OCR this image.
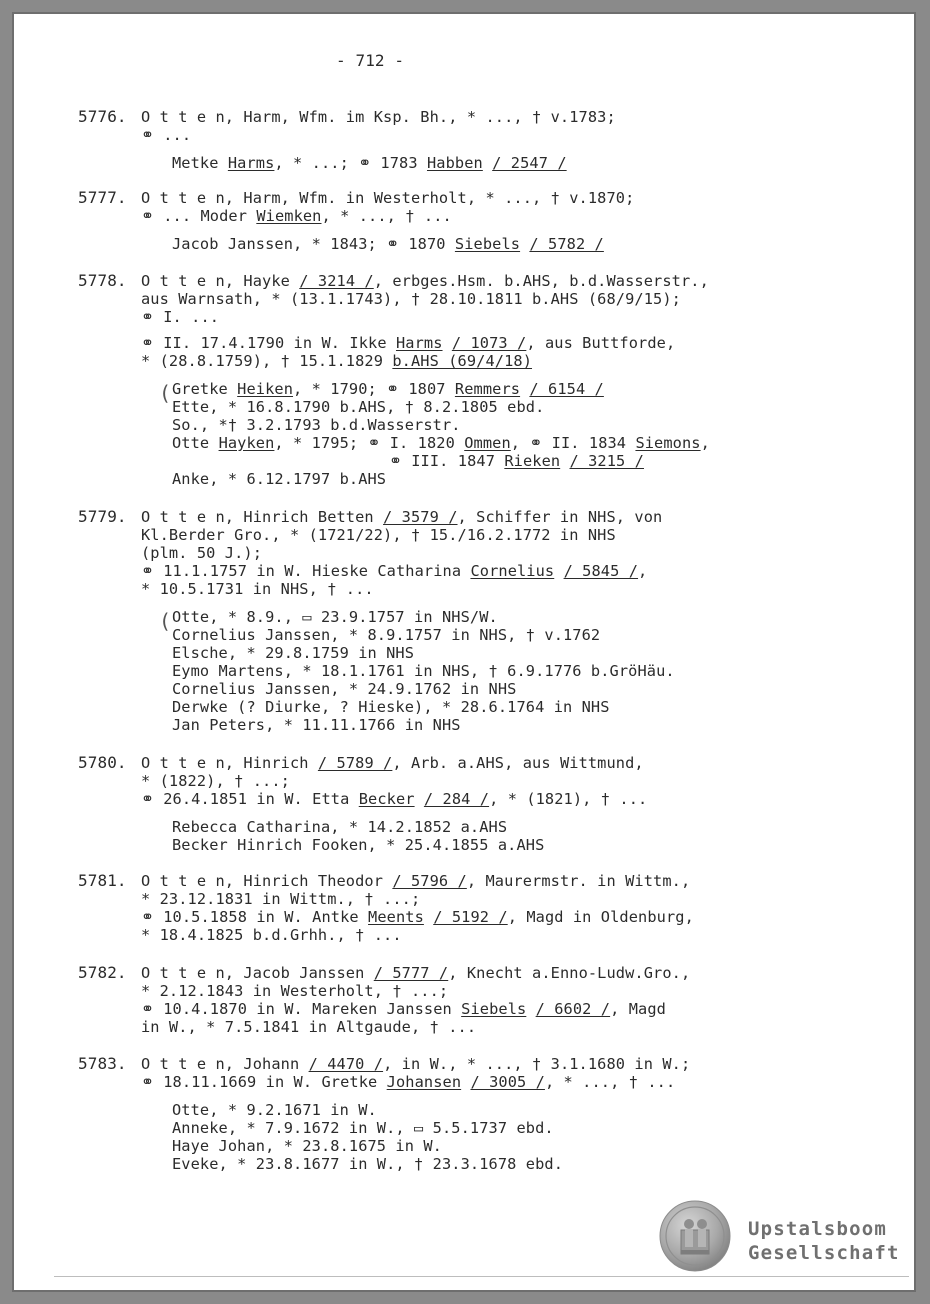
- 712 -
5776. O t t e n, Harm, Wfm. im Ksp. Bh., * ..., † v.1783;
⚭ ...
Metke Harms, * ...; ⚭ 1783 Habben / 2547 /
5777. O t t e n, Harm, Wfm. in Westerholt, * ..., † v.1870;
⚭ ... Moder Wiemken, * ..., † ...
Jacob Janssen, * 1843; ⚭ 1870 Siebels / 5782 /
5778. O t t e n, Hayke / 3214 /, erbges.Hsm. b.AHS, b.d.Wasserstr.,
aus Warnsath, * (13.1.1743), † 28.10.1811 b.AHS (68/9/15);
⚭ I. ...
⚭ II. 17.4.1790 in W. Ikke Harms / 1073 /, aus Buttforde,
* (28.8.1759), † 15.1.1829 b.AHS (69/4/18)
( Gretke Heiken, * 1790; ⚭ 1807 Remmers / 6154 /
Ette, * 16.8.1790 b.AHS, † 8.2.1805 ebd.
So., *† 3.2.1793 b.d.Wasserstr.
Otte Hayken, * 1795; ⚭ I. 1820 Ommen, ⚭ II. 1834 Siemons,
⚭ III. 1847 Rieken / 3215 /
Anke, * 6.12.1797 b.AHS
5779. O t t e n, Hinrich Betten / 3579 /, Schiffer in NHS, von
Kl.Berder Gro., * (1721/22), † 15./16.2.1772 in NHS
(plm. 50 J.);
⚭ 11.1.1757 in W. Hieske Catharina Cornelius / 5845 /,
* 10.5.1731 in NHS, † ...
( Otte, * 8.9., ▭ 23.9.1757 in NHS/W.
Cornelius Janssen, * 8.9.1757 in NHS, † v.1762
Elsche, * 29.8.1759 in NHS
Eymo Martens, * 18.1.1761 in NHS, † 6.9.1776 b.GröHäu.
Cornelius Janssen, * 24.9.1762 in NHS
Derwke (? Diurke, ? Hieske), * 28.6.1764 in NHS
Jan Peters, * 11.11.1766 in NHS
5780. O t t e n, Hinrich / 5789 /, Arb. a.AHS, aus Wittmund,
* (1822), † ...;
⚭ 26.4.1851 in W. Etta Becker / 284 /, * (1821), † ...
Rebecca Catharina, * 14.2.1852 a.AHS
Becker Hinrich Fooken, * 25.4.1855 a.AHS
5781. O t t e n, Hinrich Theodor / 5796 /, Maurermstr. in Wittm.,
* 23.12.1831 in Wittm., † ...;
⚭ 10.5.1858 in W. Antke Meents / 5192 /, Magd in Oldenburg,
* 18.4.1825 b.d.Grhh., † ...
5782. O t t e n, Jacob Janssen / 5777 /, Knecht a.Enno-Ludw.Gro.,
* 2.12.1843 in Westerholt, † ...;
⚭ 10.4.1870 in W. Mareken Janssen Siebels / 6602 /, Magd
in W., * 7.5.1841 in Altgaude, † ...
5783. O t t e n, Johann / 4470 /, in W., * ..., † 3.1.1680 in W.;
⚭ 18.11.1669 in W. Gretke Johansen / 3005 /, * ..., † ...
Otte, * 9.2.1671 in W.
Anneke, * 7.9.1672 in W., ▭ 5.5.1737 ebd.
Haye Johan, * 23.8.1675 in W.
Eveke, * 23.8.1677 in W., † 23.3.1678 ebd.
Upstalsboom
Gesellschaft
